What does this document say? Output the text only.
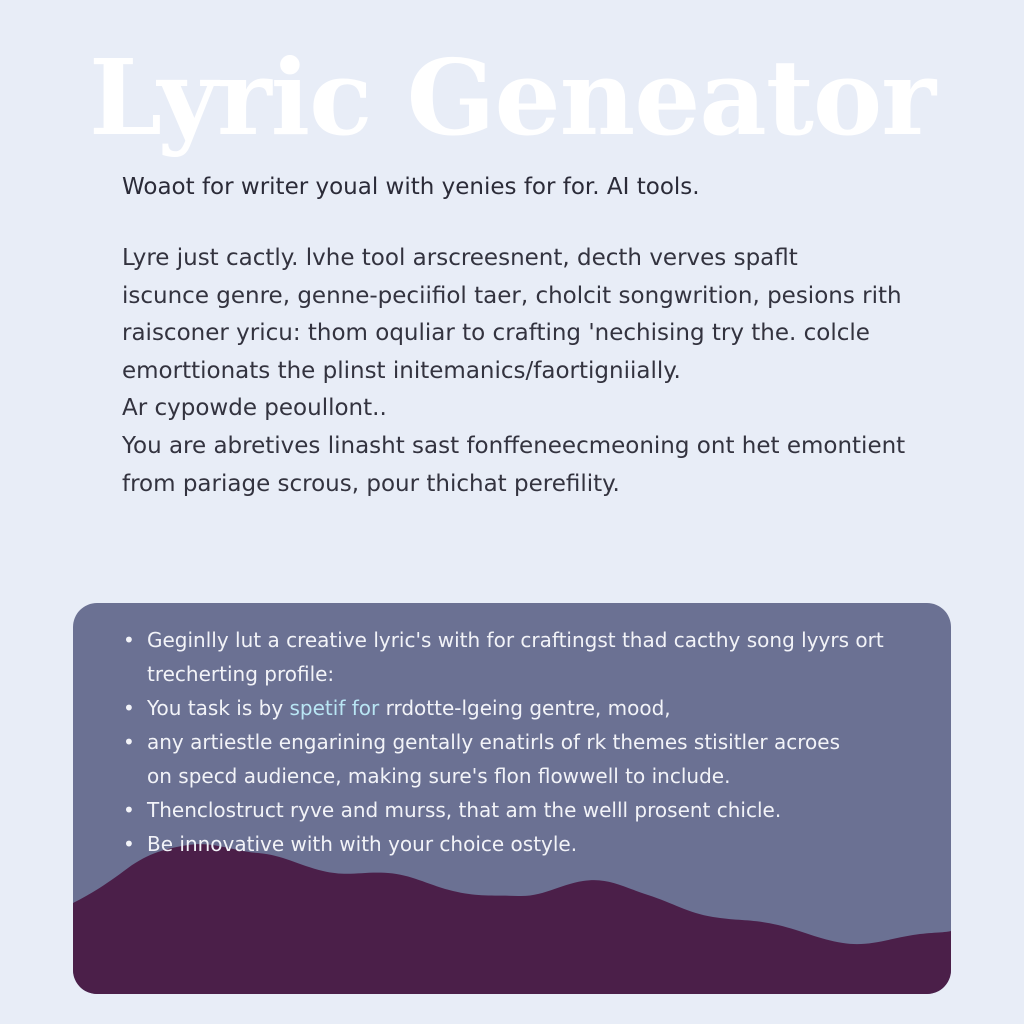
Lyric Geneator

Woaot for writer youal with yenies for for. AI tools.

Lyre just cactly. lvhe tool arscreesnent, decth verves spaflt
iscunce genre, genne-peciifiol taer, cholcit songwrition, pesions rith
raisconer yricu: thom oquliar to crafting 'nechising try the. colcle
emorttionats the plinst initemanics/faortigniially.
Ar cypowde peoullont..
You are abretives linasht sast fonffeneecmeoning ont het emontient
from pariage scrous, pour thichat perefility.

• Geginlly lut a creative lyric's with for craftingst thad cacthy song lyyrs ort
trecherting profile:
• You task is by spetif for rrdotte-lgeing gentre, mood,
• any artiestle engarining gentally enatirls of rk themes stisitler acroes
on specd audience, making sure's flon flowwell to include.
• Thenclostruct ryve and murss, that am the welll prosent chicle.
• Be innovative with with your choice ostyle.
